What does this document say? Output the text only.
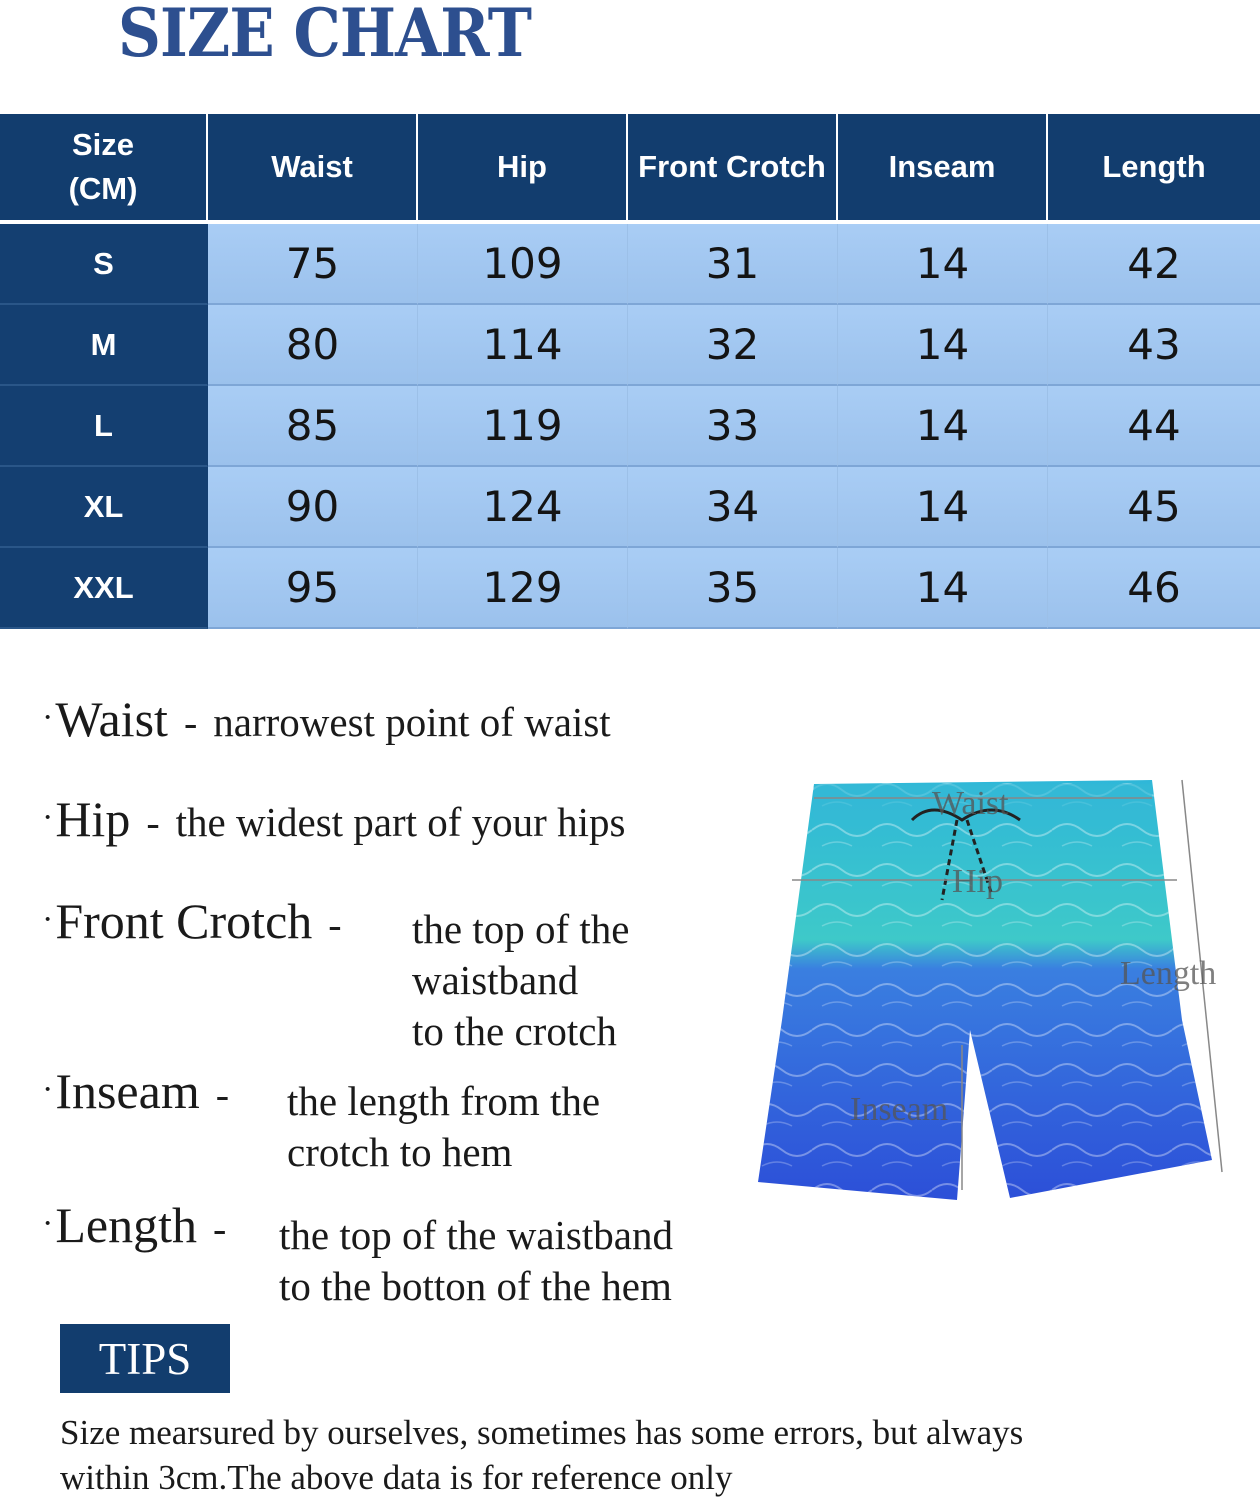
SIZE CHART
Size
(CM)	Waist	Hip	Front Crotch	Inseam	Length
S	75	109	31	14	42
M	80	114	32	14	43
L	85	119	33	14	44
XL	90	124	34	14	45
XXL	95	129	35	14	46
· Waist - narrowest point of waist
· Hip - the widest part of your hips
· Front Crotch -	the top of the
waistband
to the crotch
· Inseam -	the length from the
crotch to hem
· Length -	the top of the waistband
to the botton of the hem
Waist
Hip
Length
Inseam
TIPS
Size mearsured by ourselves, sometimes has some errors, but always
within 3cm.The above data is for reference only
